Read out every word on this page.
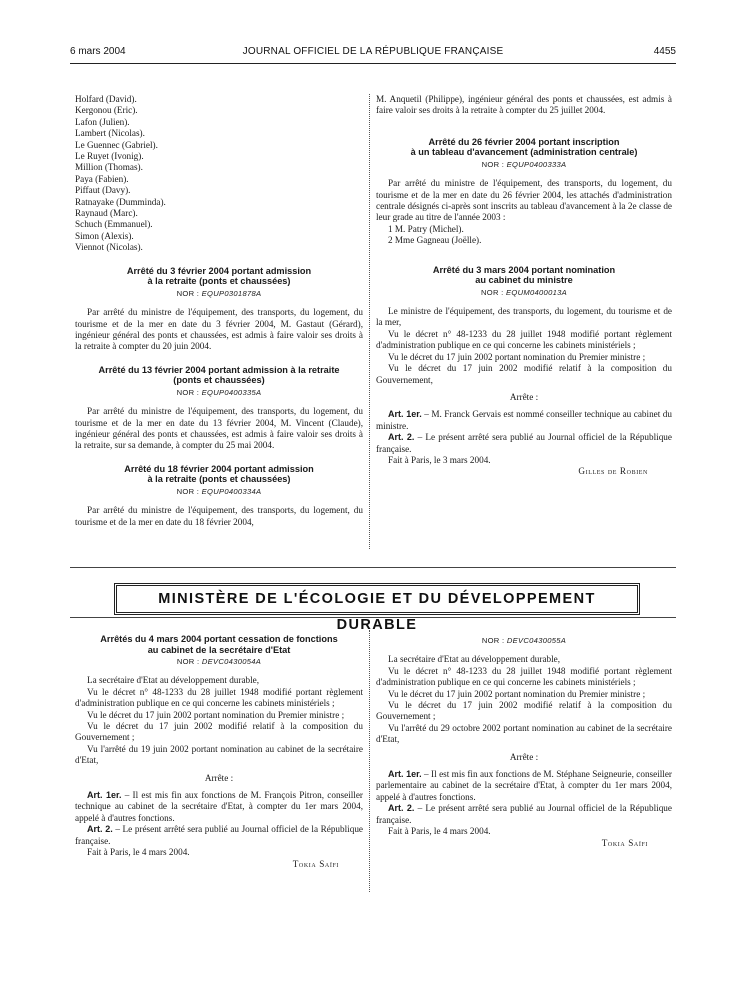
6 mars 2004	JOURNAL OFFICIEL DE LA RÉPUBLIQUE FRANÇAISE	4455
Holfard (David).
Kergonou (Eric).
Lafon (Julien).
Lambert (Nicolas).
Le Guennec (Gabriel).
Le Ruyet (Ivonig).
Million (Thomas).
Paya (Fabien).
Piffaut (Davy).
Ratnayake (Dumminda).
Raynaud (Marc).
Schuch (Emmanuel).
Simon (Alexis).
Viennot (Nicolas).
Arrêté du 3 février 2004 portant admission
à la retraite (ponts et chaussées)
NOR : EQUP0301878A

Par arrêté du ministre de l'équipement, des transports, du logement, du tourisme et de la mer en date du 3 février 2004, M. Gastaut (Gérard), ingénieur général des ponts et chaussées, est admis à faire valoir ses droits à la retraite à compter du 20 juin 2004.

Arrêté du 13 février 2004 portant admission à la retraite
(ponts et chaussées)
NOR : EQUP0400335A

Par arrêté du ministre de l'équipement, des transports, du logement, du tourisme et de la mer en date du 13 février 2004, M. Vincent (Claude), ingénieur général des ponts et chaussées, est admis à faire valoir ses droits à la retraite, sur sa demande, à compter du 25 mai 2004.

Arrêté du 18 février 2004 portant admission
à la retraite (ponts et chaussées)
NOR : EQUP0400334A

Par arrêté du ministre de l'équipement, des transports, du logement, du tourisme et de la mer en date du 18 février 2004,

M. Anquetil (Philippe), ingénieur général des ponts et chaussées, est admis à faire valoir ses droits à la retraite à compter du 25 juillet 2004.

Arrêté du 26 février 2004 portant inscription
à un tableau d'avancement (administration centrale)
NOR : EQUP0400333A

Par arrêté du ministre de l'équipement, des transports, du logement, du tourisme et de la mer en date du 26 février 2004, les attachés d'administration centrale désignés ci-après sont inscrits au tableau d'avancement à la 2e classe de leur grade au titre de l'année 2003 :

1 M. Patry (Michel).
2 Mme Gagneau (Joëlle).
Arrêté du 3 mars 2004 portant nomination
au cabinet du ministre
NOR : EQUM0400013A

Le ministre de l'équipement, des transports, du logement, du tourisme et de la mer,

Vu le décret n° 48-1233 du 28 juillet 1948 modifié portant règlement d'administration publique en ce qui concerne les cabinets ministériels ;

Vu le décret du 17 juin 2002 portant nomination du Premier ministre ;

Vu le décret du 17 juin 2002 modifié relatif à la composition du Gouvernement,

Arrête :

Art. 1er. – M. Franck Gervais est nommé conseiller technique au cabinet du ministre.

Art. 2. – Le présent arrêté sera publié au Journal officiel de la République française.

Fait à Paris, le 3 mars 2004.

Gilles de Robien
MINISTÈRE DE L'ÉCOLOGIE ET DU DÉVELOPPEMENT DURABLE
Arrêtés du 4 mars 2004 portant cessation de fonctions
au cabinet de la secrétaire d'Etat
NOR : DEVC0430054A

La secrétaire d'Etat au développement durable,

Vu le décret n° 48-1233 du 28 juillet 1948 modifié portant règlement d'administration publique en ce qui concerne les cabinets ministériels ;

Vu le décret du 17 juin 2002 portant nomination du Premier ministre ;

Vu le décret du 17 juin 2002 modifié relatif à la composition du Gouvernement ;

Vu l'arrêté du 19 juin 2002 portant nomination au cabinet de la secrétaire d'Etat,

Arrête :

Art. 1er. – Il est mis fin aux fonctions de M. François Pitron, conseiller technique au cabinet de la secrétaire d'Etat, à compter du 1er mars 2004, appelé à d'autres fonctions.

Art. 2. – Le présent arrêté sera publié au Journal officiel de la République française.

Fait à Paris, le 4 mars 2004.

Tokia Saïfi
NOR : DEVC0430055A

La secrétaire d'Etat au développement durable,

Vu le décret n° 48-1233 du 28 juillet 1948 modifié portant règlement d'administration publique en ce qui concerne les cabinets ministériels ;

Vu le décret du 17 juin 2002 portant nomination du Premier ministre ;

Vu le décret du 17 juin 2002 modifié relatif à la composition du Gouvernement ;

Vu l'arrêté du 29 octobre 2002 portant nomination au cabinet de la secrétaire d'Etat,

Arrête :

Art. 1er. – Il est mis fin aux fonctions de M. Stéphane Seigneurie, conseiller parlementaire au cabinet de la secrétaire d'Etat, à compter du 1er mars 2004, appelé à d'autres fonctions.

Art. 2. – Le présent arrêté sera publié au Journal officiel de la République française.

Fait à Paris, le 4 mars 2004.

Tokia Saïfi
